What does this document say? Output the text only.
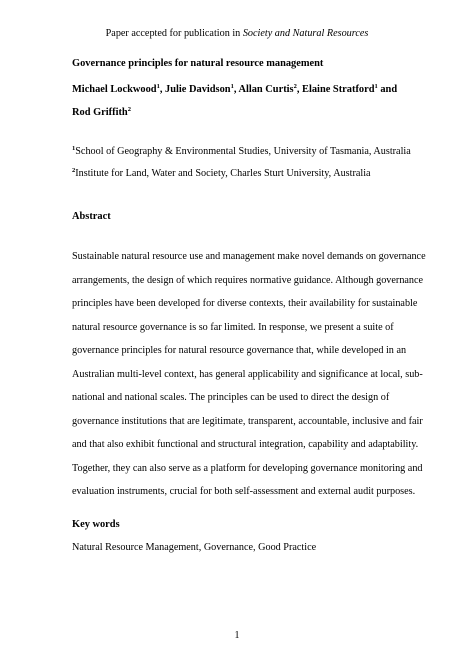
Paper accepted for publication in Society and Natural Resources
Governance principles for natural resource management
Michael Lockwood$^1$, Julie Davidson$^1$, Allan Curtis$^2$, Elaine Stratford$^1$ and Rod Griffith$^2$
$^1$School of Geography & Environmental Studies, University of Tasmania, Australia
$^2$Institute for Land, Water and Society, Charles Sturt University, Australia
Abstract
Sustainable natural resource use and management make novel demands on governance
arrangements, the design of which requires normative guidance. Although governance
principles have been developed for diverse contexts, their availability for sustainable
natural resource governance is so far limited. In response, we present a suite of
governance principles for natural resource governance that, while developed in an
Australian multi-level context, has general applicability and significance at local, sub-
national and national scales. The principles can be used to direct the design of
governance institutions that are legitimate, transparent, accountable, inclusive and fair
and that also exhibit functional and structural integration, capability and adaptability.
Together, they can also serve as a platform for developing governance monitoring and
evaluation instruments, crucial for both self-assessment and external audit purposes.
Key words
Natural Resource Management, Governance, Good Practice
1
